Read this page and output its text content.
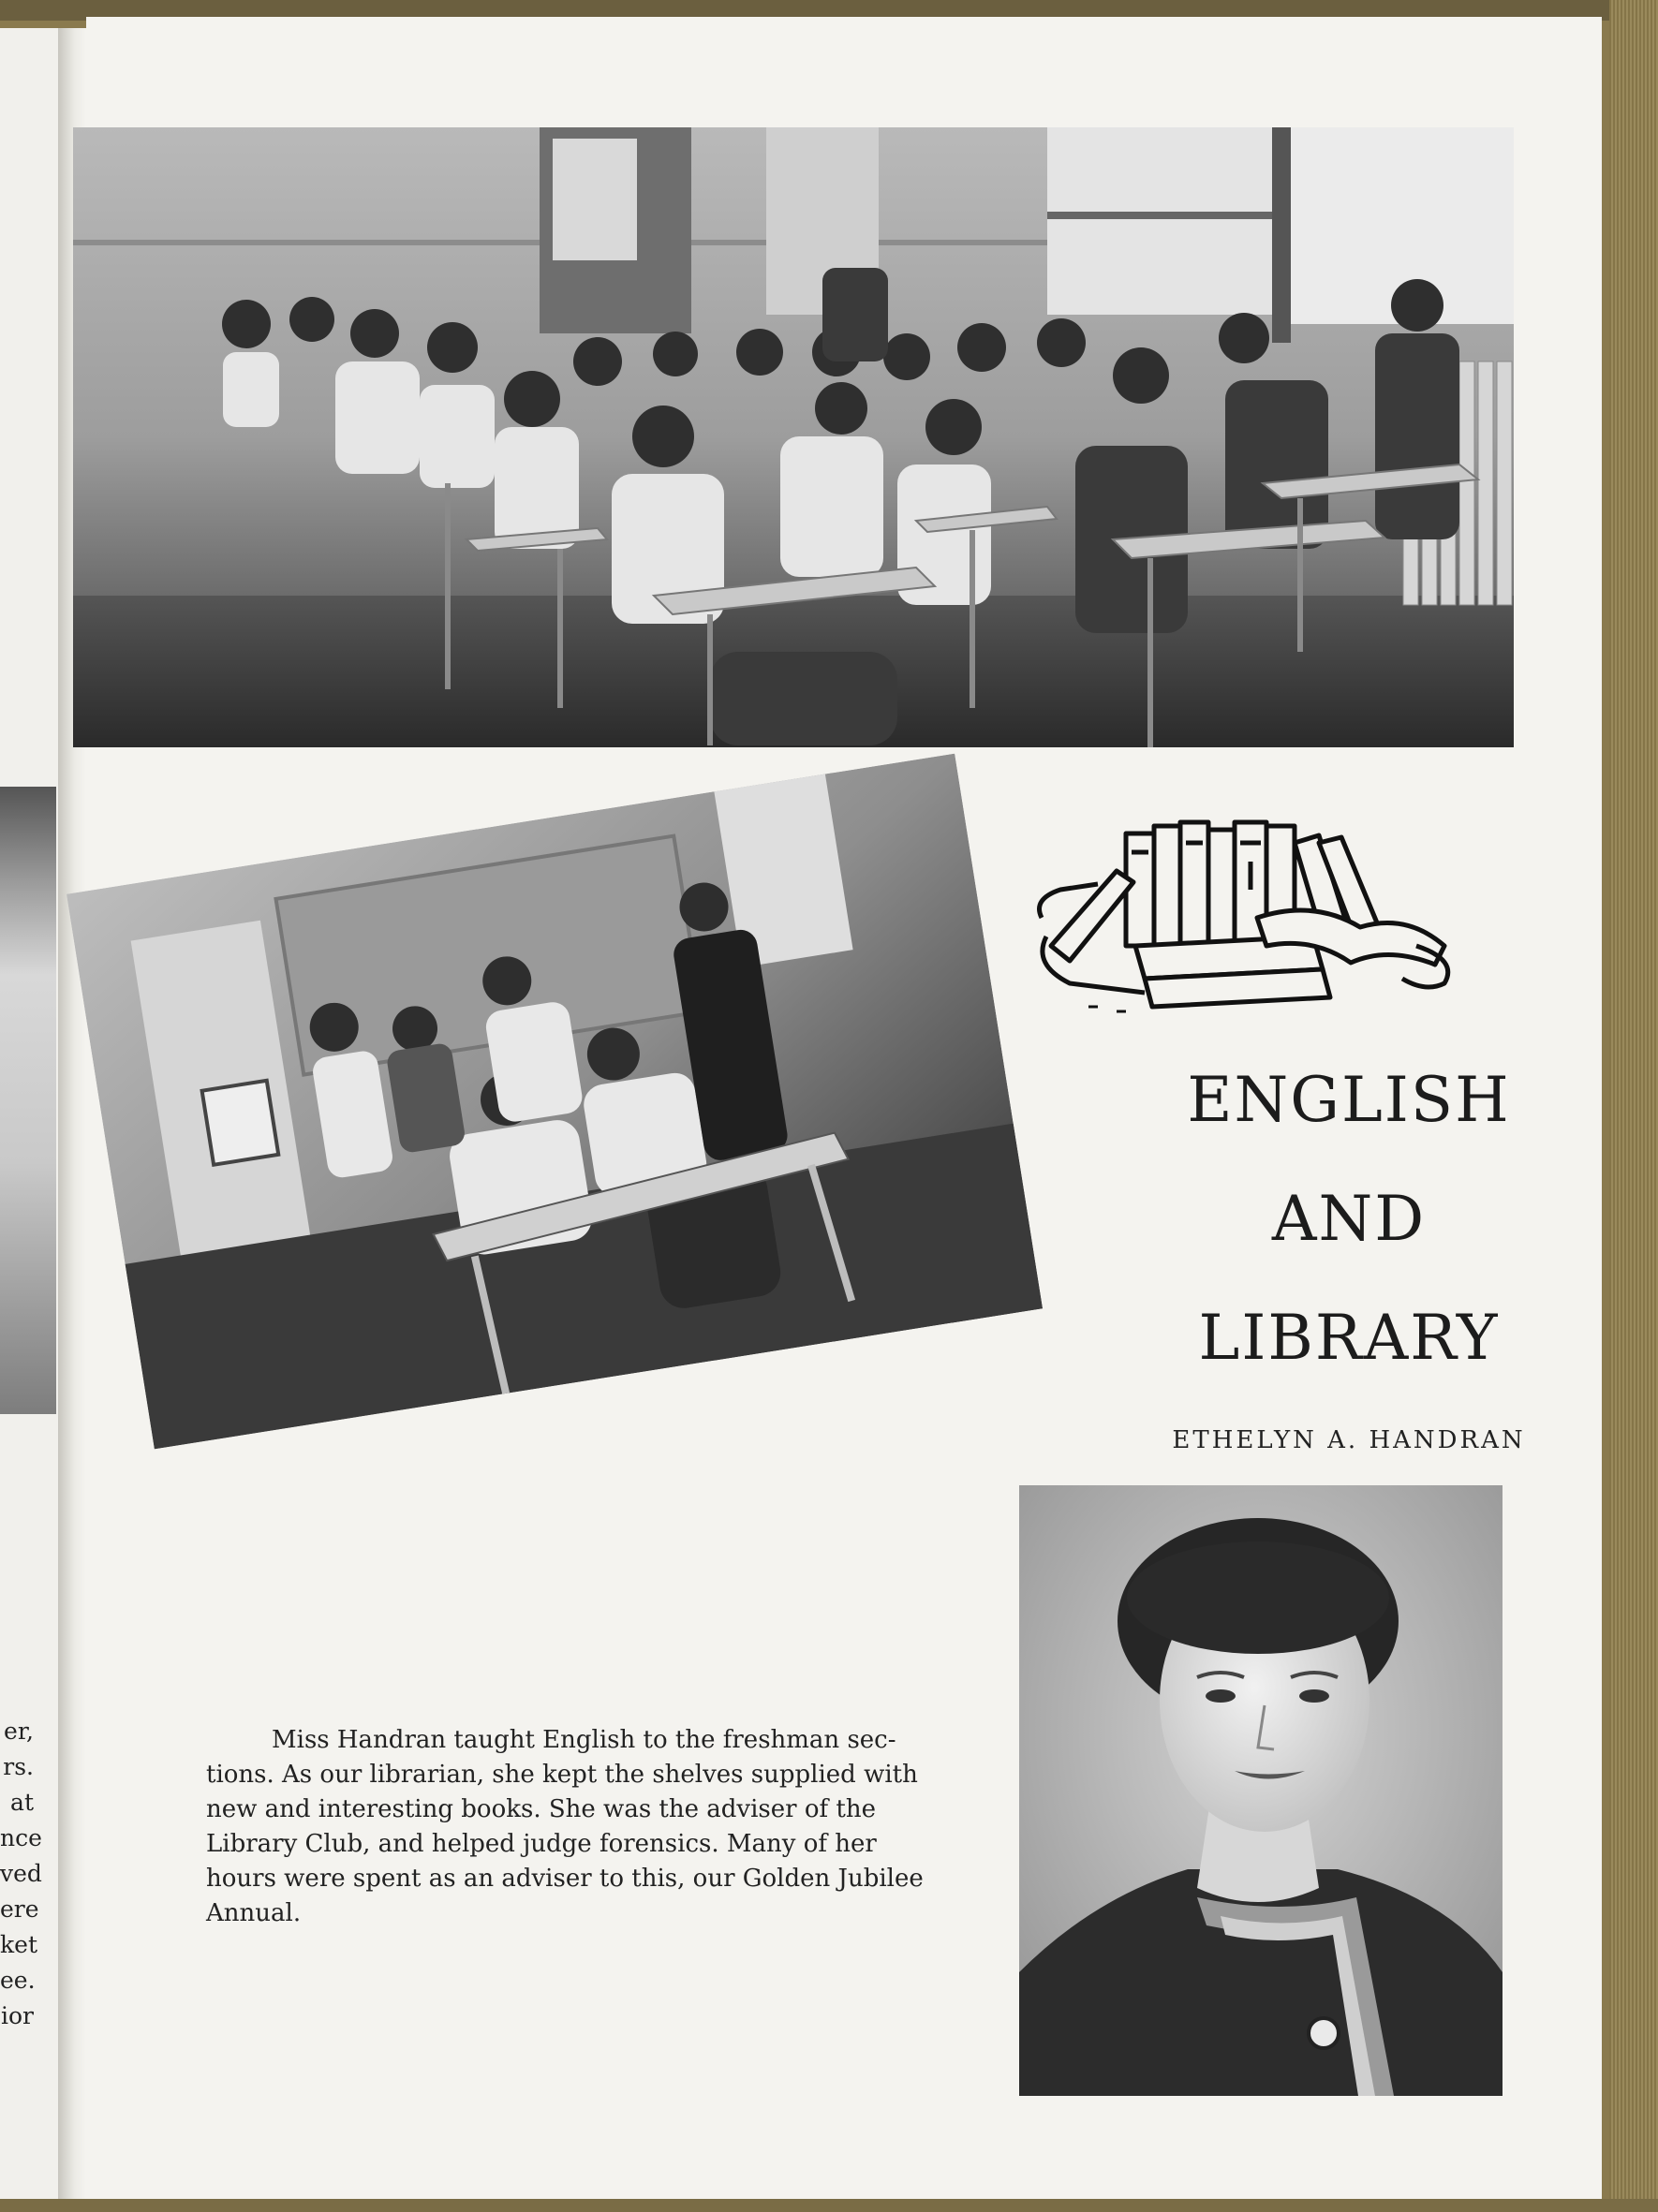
er,
rs.
at
nce
ved
ere
ket
ee.
ior
ENGLISH
AND
LIBRARY
ETHELYN A. HANDRAN
Miss Handran taught English to the freshman sec-
tions. As our librarian, she kept the shelves supplied with
new and interesting books. She was the adviser of the
Library Club, and helped judge forensics. Many of her
hours were spent as an adviser to this, our Golden Jubilee
Annual.
